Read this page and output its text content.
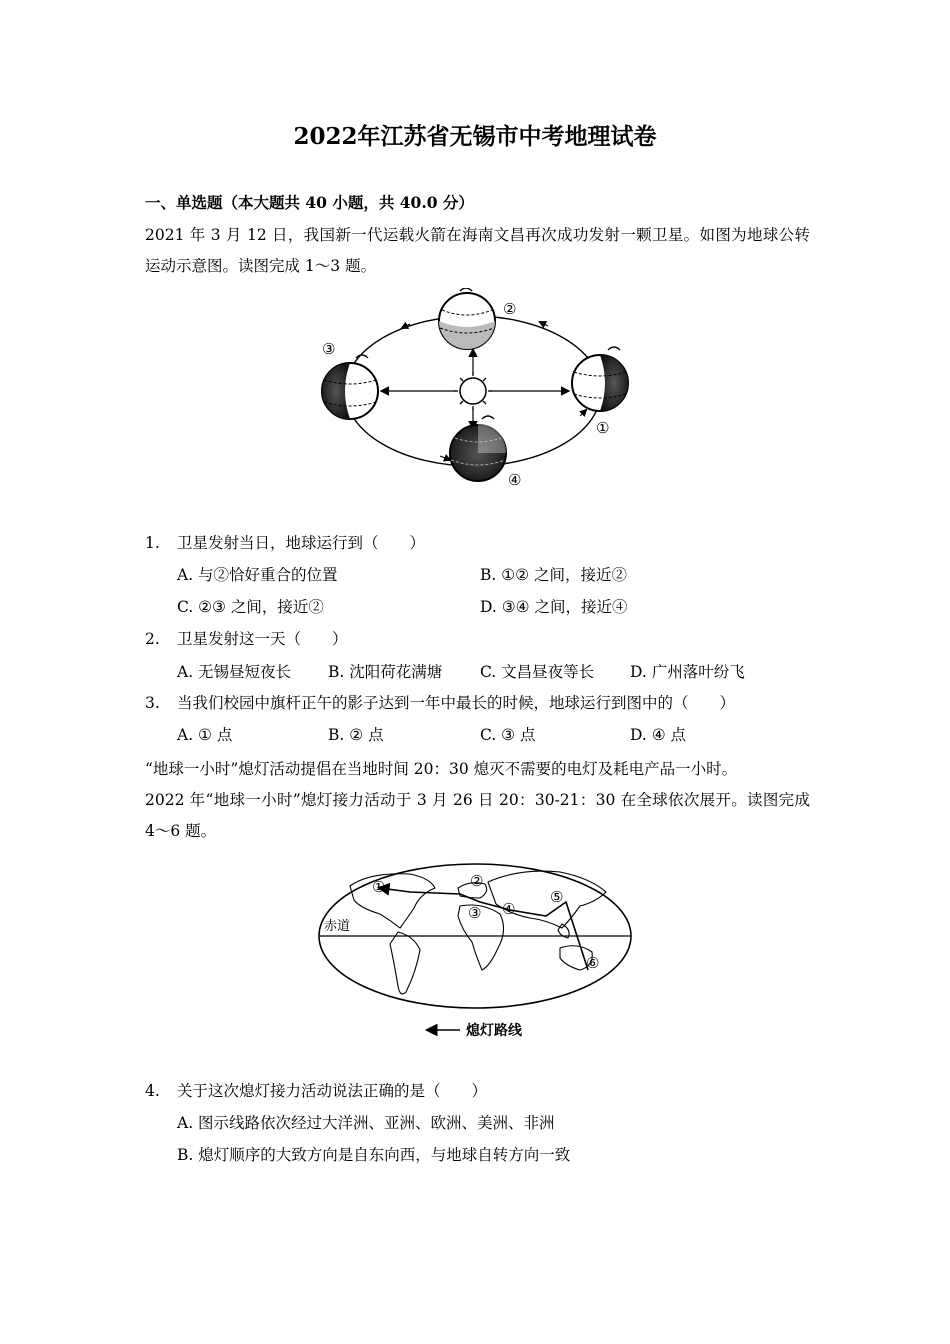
2022年江苏省无锡市中考地理试卷
一、单选题（本大题共 40 小题，共 40.0 分）
2021 年 3 月 12 日，我国新一代运载火箭在海南文昌再次成功发射一颗卫星。如图为地球公转运动示意图。读图完成 1～3 题。
②
③
①
④
1. 卫星发射当日，地球运行到（　　）
A. 与②恰好重合的位置	B. ①② 之间，接近②
C. ②③ 之间，接近②	D. ③④ 之间，接近④
2. 卫星发射这一天（　　）
A. 无锡昼短夜长 B. 沈阳荷花满塘 C. 文昌昼夜等长 D. 广州落叶纷飞
3. 当我们校园中旗杆正午的影子达到一年中最长的时候，地球运行到图中的（　　）
A. ① 点	B. ② 点	C. ③ 点	D. ④ 点
“地球一小时”熄灯活动提倡在当地时间 20：30 熄灭不需要的电灯及耗电产品一小时。
2022 年“地球一小时”熄灯接力活动于 3 月 26 日 20：30-21：30 在全球依次展开。读图完成 4～6 题。
赤道
①	②
③ ④
⑤
⑥
熄灯路线
4. 关于这次熄灯接力活动说法正确的是（　　）
A. 图示线路依次经过大洋洲、亚洲、欧洲、美洲、非洲
B. 熄灯顺序的大致方向是自东向西，与地球自转方向一致
